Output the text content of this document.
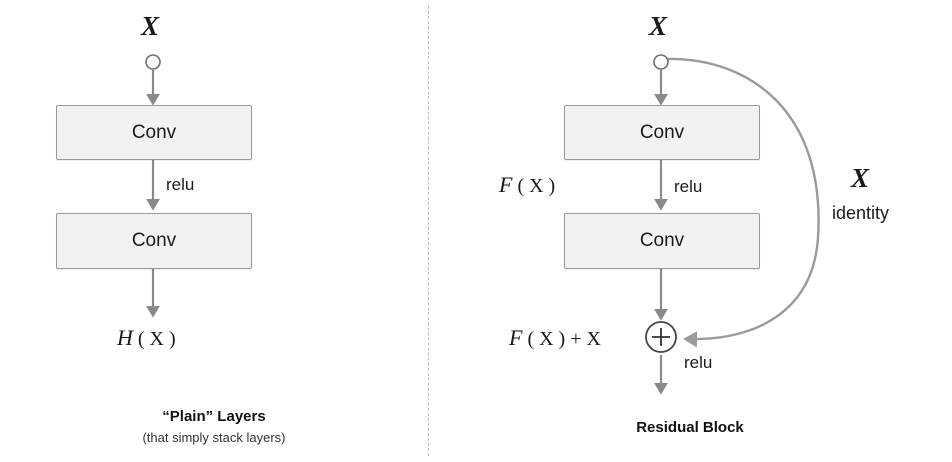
X
Conv
relu
Conv
H ( X )
“Plain” Layers
(that simply stack layers)
X
Conv
F ( X )	relu
Conv
F ( X ) + X
relu
X
identity
Residual Block
